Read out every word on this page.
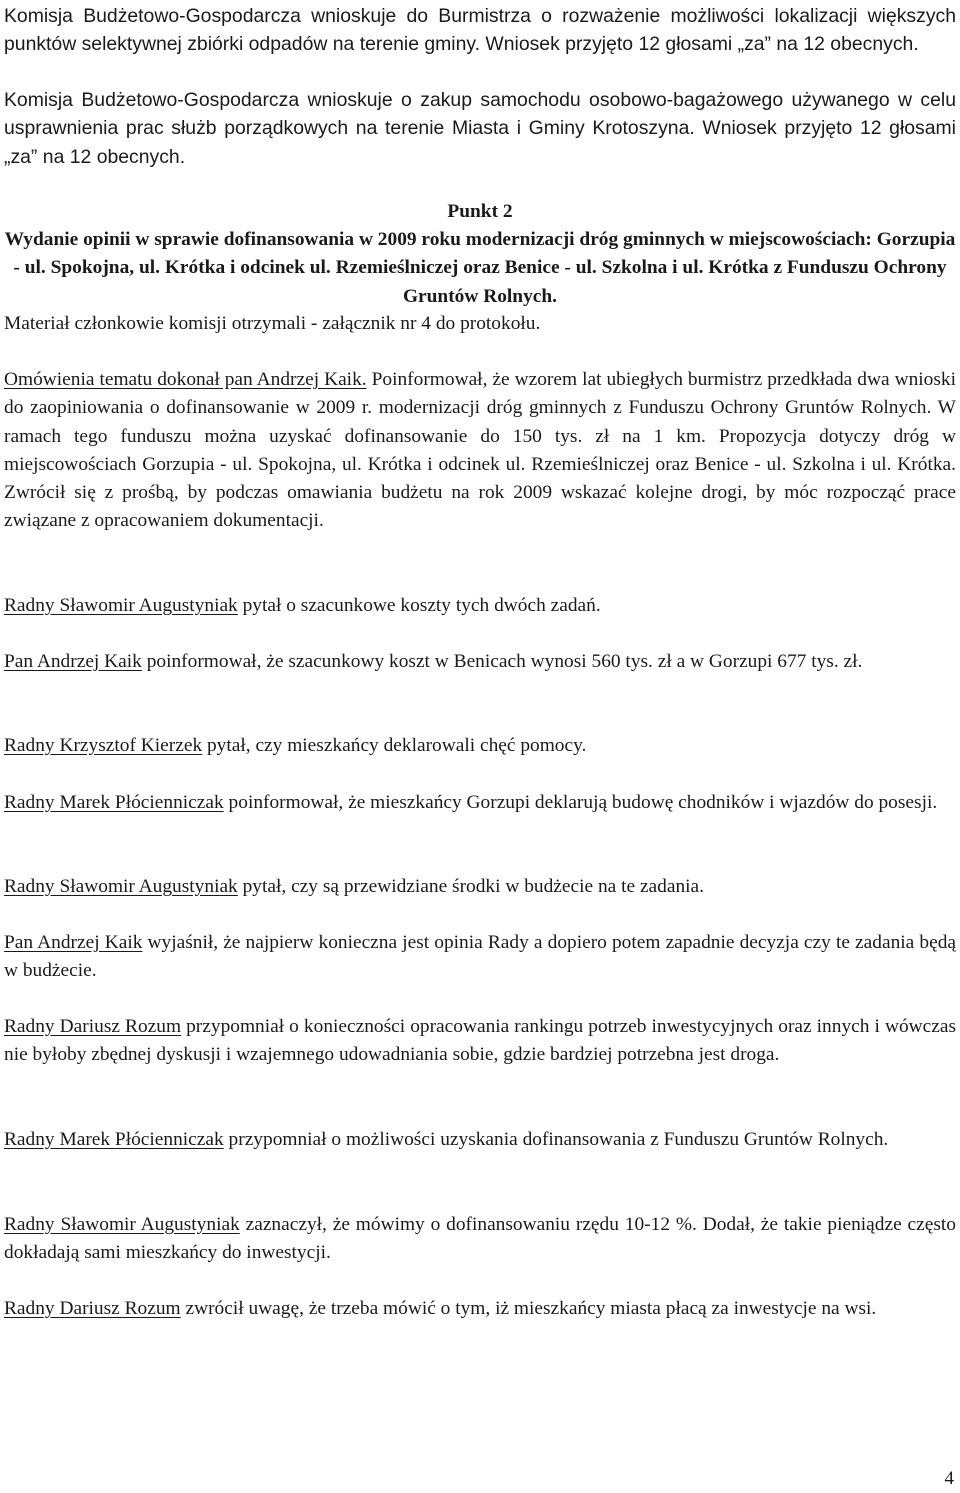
Komisja Budżetowo-Gospodarcza wnioskuje do Burmistrza o rozważenie możliwości lokalizacji większych punktów selektywnej zbiórki odpadów na terenie gminy. Wniosek przyjęto 12 głosami „za” na 12 obecnych.

Komisja Budżetowo-Gospodarcza wnioskuje o zakup samochodu osobowo-bagażowego używanego w celu usprawnienia prac służb porządkowych na terenie Miasta i Gminy Krotoszyna. Wniosek przyjęto 12 głosami „za” na 12 obecnych.

Punkt 2

Wydanie opinii w sprawie dofinansowania w 2009 roku modernizacji dróg gminnych w miejscowościach: Gorzupia - ul. Spokojna, ul. Krótka i odcinek ul. Rzemieślniczej oraz Benice - ul. Szkolna i ul. Krótka z Funduszu Ochrony Gruntów Rolnych.

Materiał członkowie komisji otrzymali - załącznik nr 4 do protokołu.

Omówienia tematu dokonał pan Andrzej Kaik. Poinformował, że wzorem lat ubiegłych burmistrz przedkłada dwa wnioski do zaopiniowania o dofinansowanie w 2009 r. modernizacji dróg gminnych z Funduszu Ochrony Gruntów Rolnych. W ramach tego funduszu można uzyskać dofinansowanie do 150 tys. zł na 1 km. Propozycja dotyczy dróg w miejscowościach Gorzupia - ul. Spokojna, ul. Krótka i odcinek ul. Rzemieślniczej oraz Benice - ul. Szkolna i ul. Krótka. Zwrócił się z prośbą, by podczas omawiania budżetu na rok 2009 wskazać kolejne drogi, by móc rozpocząć prace związane z opracowaniem dokumentacji.

Radny Sławomir Augustyniak pytał o szacunkowe koszty tych dwóch zadań.

Pan Andrzej Kaik poinformował, że szacunkowy koszt w Benicach wynosi 560 tys. zł a w Gorzupi 677 tys. zł.

Radny Krzysztof Kierzek pytał, czy mieszkańcy deklarowali chęć pomocy.

Radny Marek Płócienniczak poinformował, że mieszkańcy Gorzupi deklarują budowę chodników i wjazdów do posesji.

Radny Sławomir Augustyniak pytał, czy są przewidziane środki w budżecie na te zadania.

Pan Andrzej Kaik wyjaśnił, że najpierw konieczna jest opinia Rady a dopiero potem zapadnie decyzja czy te zadania będą w budżecie.

Radny Dariusz Rozum przypomniał o konieczności opracowania rankingu potrzeb inwestycyjnych oraz innych i wówczas nie byłoby zbędnej dyskusji i wzajemnego udowadniania sobie, gdzie bardziej potrzebna jest droga.

Radny Marek Płócienniczak przypomniał o możliwości uzyskania dofinansowania z Funduszu Gruntów Rolnych.

Radny Sławomir Augustyniak zaznaczył, że mówimy o dofinansowaniu rzędu 10-12 %. Dodał, że takie pieniądze często dokładają sami mieszkańcy do inwestycji.

Radny Dariusz Rozum zwrócił uwagę, że trzeba mówić o tym, iż mieszkańcy miasta płacą za inwestycje na wsi.

4
